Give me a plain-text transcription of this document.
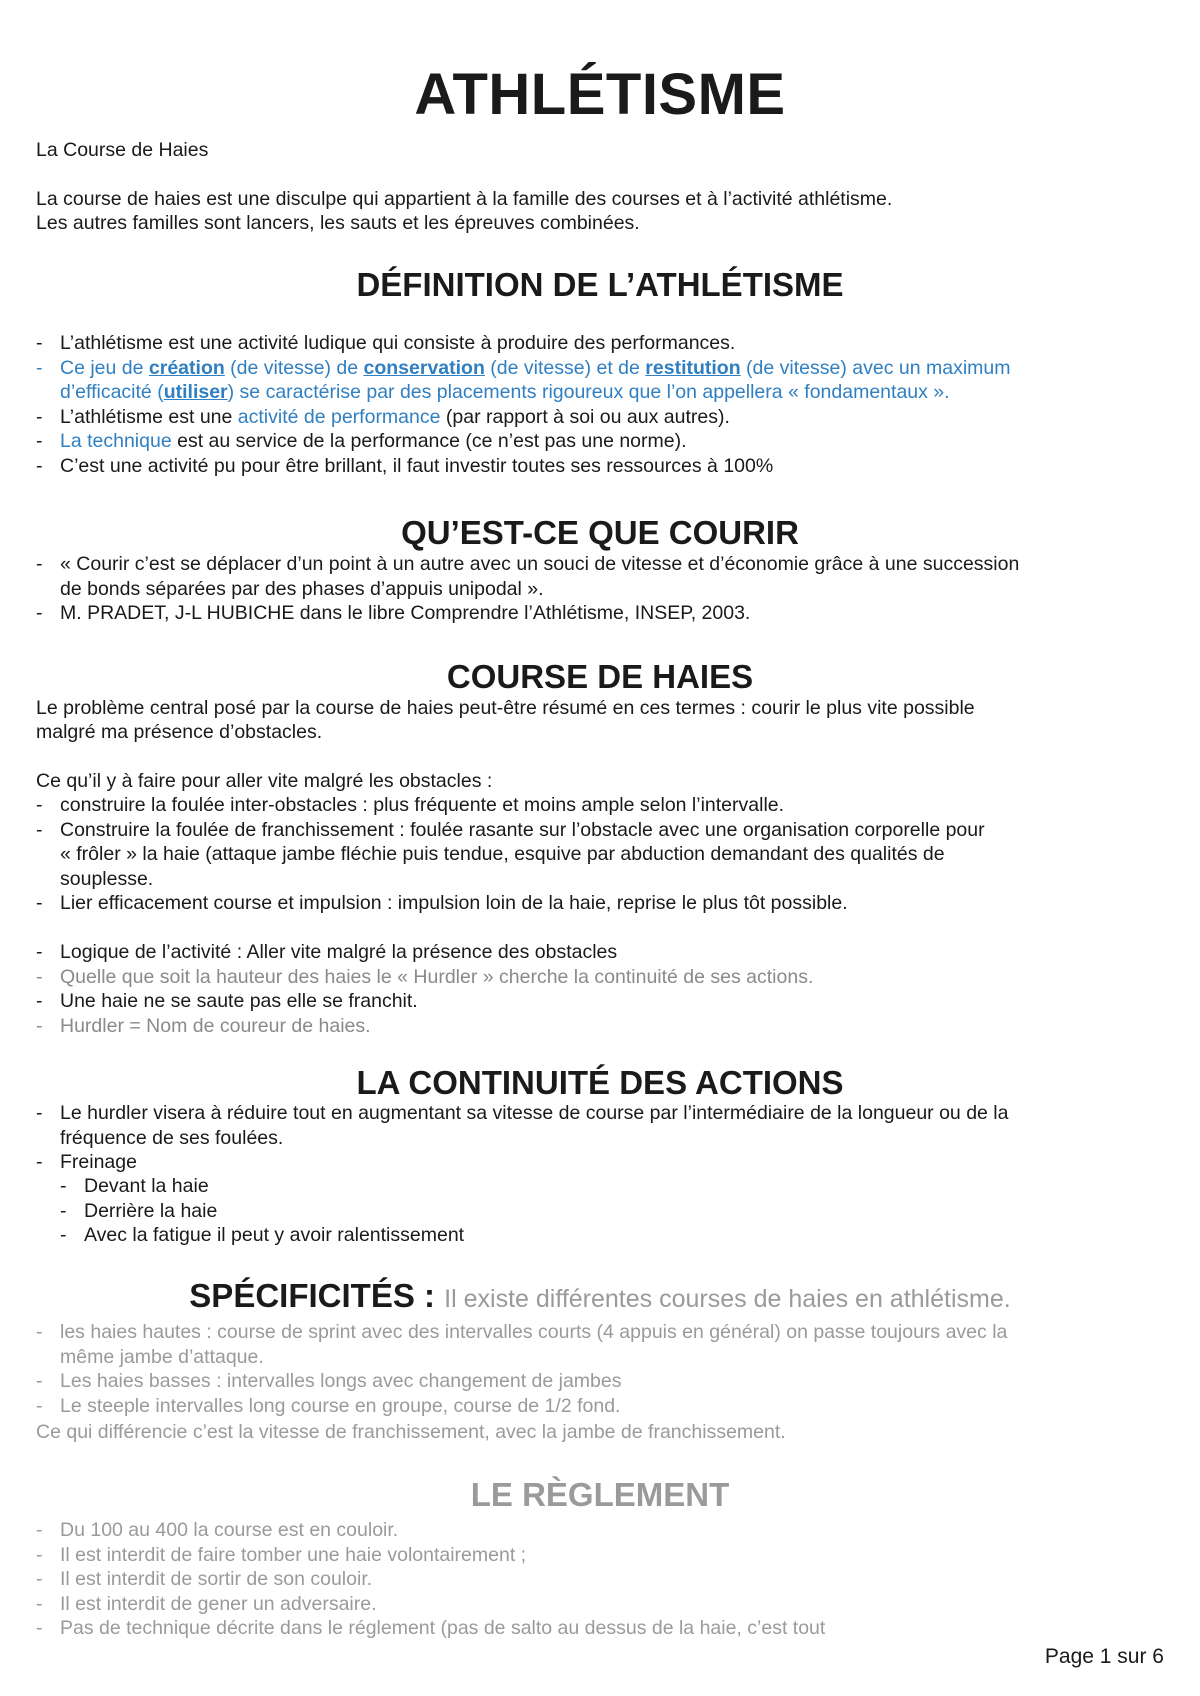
ATHLÉTISME

La Course de Haies

La course de haies est une disculpe qui appartient à la famille des courses et à l’activité athlétisme.

Les autres familles sont lancers, les sauts et les épreuves combinées.

DÉFINITION DE L’ATHLÉTISME
- L’athlétisme est une activité ludique qui consiste à produire des performances.
- Ce jeu de création (de vitesse) de conservation (de vitesse) et de restitution (de vitesse) avec un maximum
d’efficacité (utiliser) se caractérise par des placements rigoureux que l’on appellera « fondamentaux ».
- L’athlétisme est une activité de performance (par rapport à soi ou aux autres).
- La technique est au service de la performance (ce n’est pas une norme).
- C’est une activité pu pour être brillant, il faut investir toutes ses ressources à 100%
QU’EST-CE QUE COURIR
- « Courir c’est se déplacer d’un point à un autre avec un souci de vitesse et d’économie grâce à une succession
de bonds séparées par des phases d’appuis unipodal ».
- M. PRADET, J-L HUBICHE dans le libre Comprendre l’Athlétisme, INSEP, 2003.
COURSE DE HAIES

Le problème central posé par la course de haies peut-être résumé en ces termes : courir le plus vite possible

malgré ma présence d’obstacles.

Ce qu’il y à faire pour aller vite malgré les obstacles :

- construire la foulée inter-obstacles : plus fréquente et moins ample selon l’intervalle.
- Construire la foulée de franchissement : foulée rasante sur l’obstacle avec une organisation corporelle pour
« frôler » la haie (attaque jambe fléchie puis tendue, esquive par abduction demandant des qualités de
souplesse.
- Lier efficacement course et impulsion : impulsion loin de la haie, reprise le plus tôt possible.
- Logique de l’activité : Aller vite malgré la présence des obstacles
- Quelle que soit la hauteur des haies le « Hurdler » cherche la continuité de ses actions.
- Une haie ne se saute pas elle se franchit.
- Hurdler = Nom de coureur de haies.
LA CONTINUITÉ DES ACTIONS
- Le hurdler visera à réduire tout en augmentant sa vitesse de course par l’intermédiaire de la longueur ou de la
fréquence de ses foulées.
- Freinage
- Devant la haie
- Derrière la haie
- Avec la fatigue il peut y avoir ralentissement
SPÉCIFICITÉS : Il existe différentes courses de haies en athlétisme.
- les haies hautes : course de sprint avec des intervalles courts (4 appuis en général) on passe toujours avec la
même jambe d’attaque.
- Les haies basses : intervalles longs avec changement de jambes
- Le steeple intervalles long course en groupe, course de 1/2 fond.

Ce qui différencie c’est la vitesse de franchissement, avec la jambe de franchissement.

LE RÈGLEMENT
- Du 100 au 400 la course est en couloir.
- Il est interdit de faire tomber une haie volontairement ;
- Il est interdit de sortir de son couloir.
- Il est interdit de gener un adversaire.
- Pas de technique décrite dans le réglement (pas de salto au dessus de la haie, c’est tout
Page 1 sur 6
